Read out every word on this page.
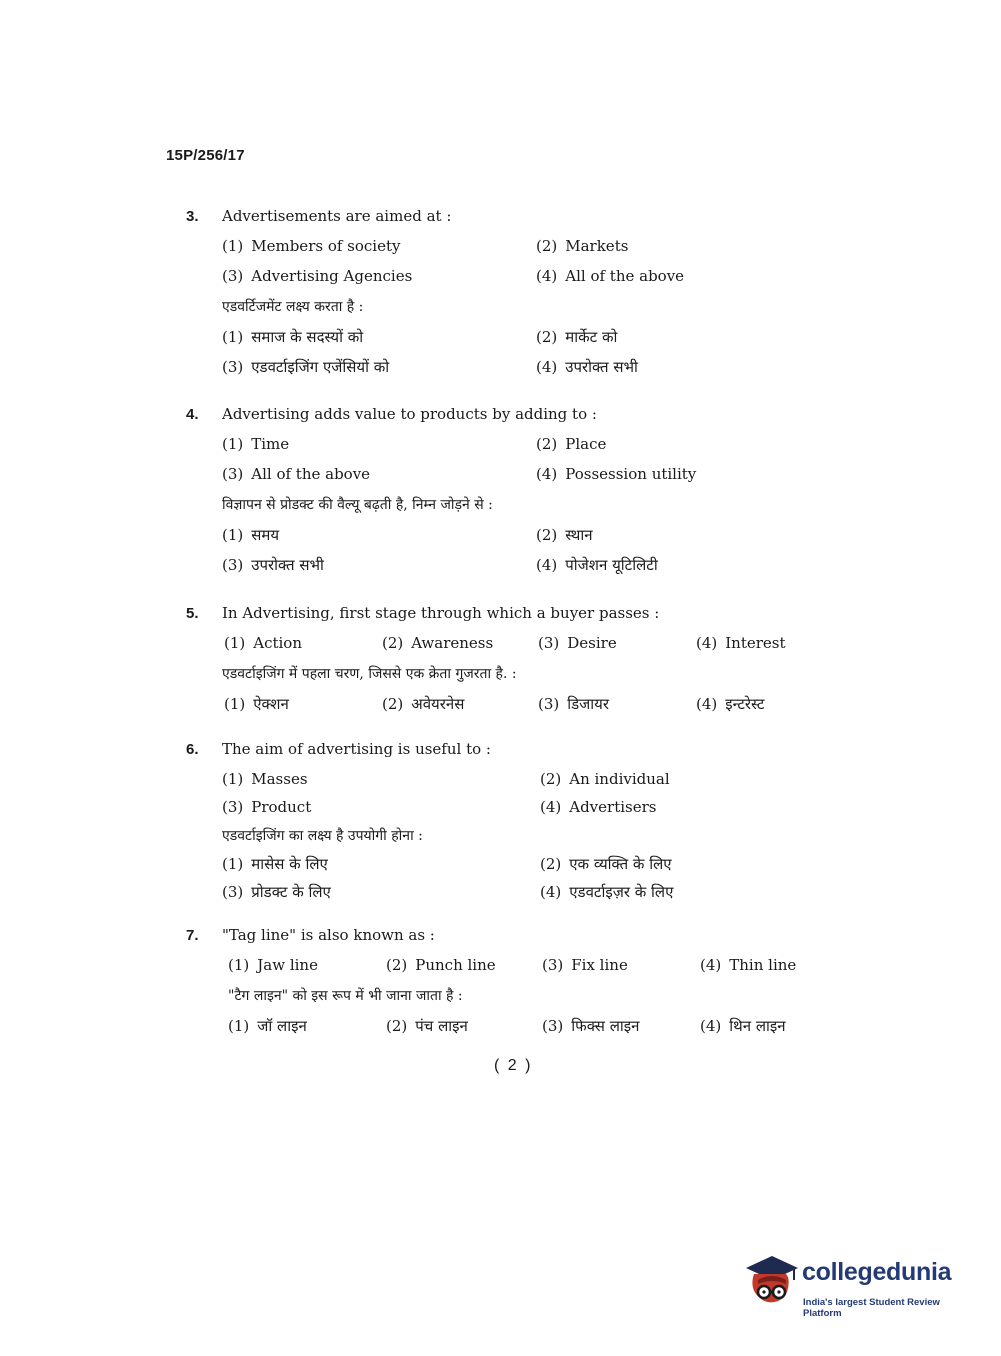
15P/256/17
3.	Advertisements are aimed at :
(1) Members of society	(2) Markets
(3) Advertising Agencies	(4) All of the above
एडवर्टिजमेंट लक्ष्य करता है :
(1) समाज के सदस्यों को	(2) मार्केट को
(3) एडवर्टाइजिंग एजेंसियों को	(4) उपरोक्त सभी
4.	Advertising adds value to products by adding to :
(1) Time	(2) Place
(3) All of the above	(4) Possession utility
विज्ञापन से प्रोडक्ट की वैल्यू बढ़ती है, निम्न जोड़ने से :
(1) समय	(2) स्थान
(3) उपरोक्त सभी	(4) पोजेशन यूटिलिटी
5.	In Advertising, first stage through which a buyer passes :
(1) Action	(2) Awareness	(3) Desire	(4) Interest
एडवर्टाइजिंग में पहला चरण, जिससे एक क्रेता गुजरता है. :
(1) ऐक्शन	(2) अवेयरनेस	(3) डिजायर	(4) इन्टरेस्ट
6.	The aim of advertising is useful to :
(1) Masses	(2) An individual
(3) Product	(4) Advertisers
एडवर्टाइजिंग का लक्ष्य है उपयोगी होना :
(1) मासेस के लिए	(2) एक व्यक्ति के लिए
(3) प्रोडक्ट के लिए	(4) एडवर्टाइज़र के लिए
7.	"Tag line" is also known as :
(1) Jaw line	(2) Punch line	(3) Fix line	(4) Thin line
"टैग लाइन" को इस रूप में भी जाना जाता है :
(1) जॉ लाइन	(2) पंच लाइन	(3) फिक्स लाइन	(4) थिन लाइन
( 2 )
collegedunia
India's largest Student Review Platform
